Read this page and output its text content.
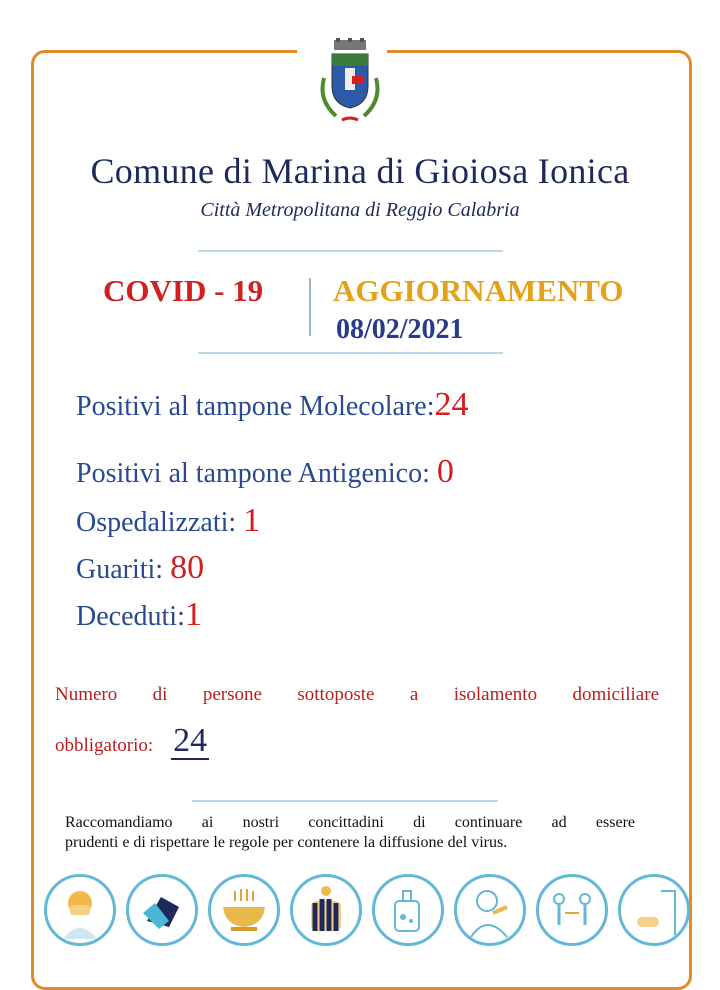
Comune di Marina di Gioiosa Ionica
Città Metropolitana di Reggio Calabria
COVID - 19 AGGIORNAMENTO
08/02/2021
Positivi al tampone Molecolare:24
Positivi al tampone Antigenico: 0
Ospedalizzati: 1
Guariti: 80
Deceduti:1
Numero di persone sottoposte a isolamento domiciliare
obbligatorio: 24
Raccomandiamo ai nostri concittadini di continuare ad essere
prudenti e di rispettare le regole per contenere la diffusione del virus.
